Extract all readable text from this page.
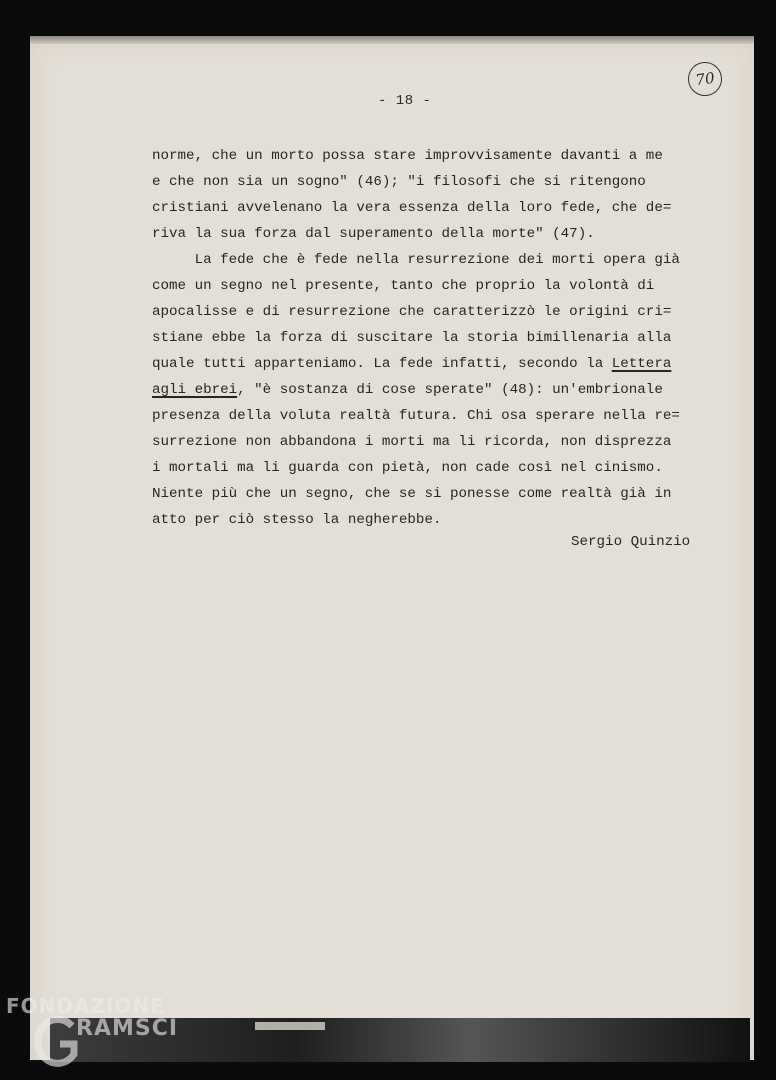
70
- 18 -
norme, che un morto possa stare improvvisamente davanti a me
e che non sia un sogno" (46); "i filosofi che si ritengono
cristiani avvelenano la vera essenza della loro fede, che de=
riva la sua forza dal superamento della morte" (47).
La fede che è fede nella resurrezione dei morti opera già
come un segno nel presente, tanto che proprio la volontà di
apocalisse e di resurrezione che caratterizzò le origini cri=
stiane ebbe la forza di suscitare la storia bimillenaria alla
quale tutti apparteniamo. La fede infatti, secondo la Lettera
agli ebrei, "è sostanza di cose sperate" (48): un'embrionale
presenza della voluta realtà futura. Chi osa sperare nella re=
surrezione non abbandona i morti ma li ricorda, non disprezza
i mortali ma li guarda con pietà, non cade così nel cinismo.
Niente più che un segno, che se si ponesse come realtà già in
atto per ciò stesso la negherebbe.
Sergio Quinzio
FONDAZIONE
RAMSCI
